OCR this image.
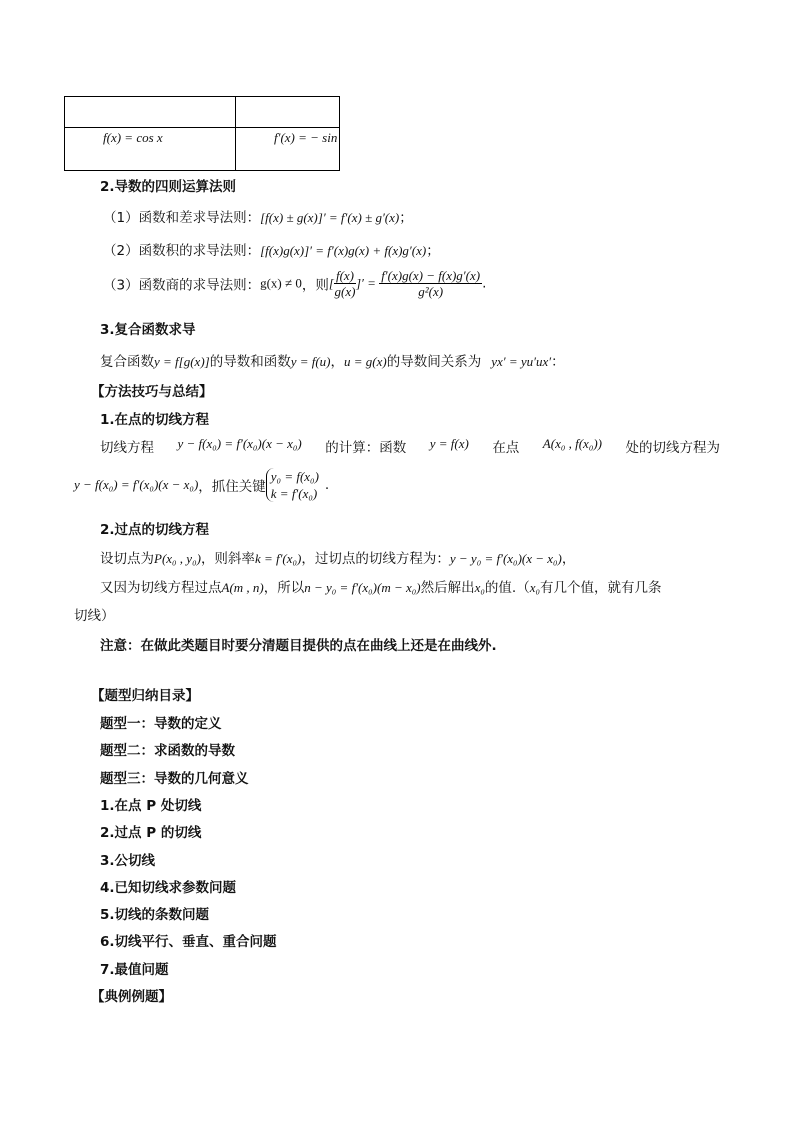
f(x) = cos x	f′(x) = − sin
2.导数的四则运算法则
（1）函数和差求导法则：[f(x) ± g(x)]′ = f′(x) ± g′(x)；
（2）函数积的求导法则：[f(x)g(x)]′ = f′(x)g(x) + f(x)g′(x)；
（3）函数商的求导法则：g(x) ≠ 0，则[ $\frac{f(x)}{g(x)}$ ]′ = $\frac{f'(x)g(x) - f(x)g'(x)}{\text{g²(x)}}$ .
3.复合函数求导
复合函数y = f[g(x)]的导数和函数y = f(u)，u = g(x)的导数间关系为 yx′ = yu′ux′：
【方法技巧与总结】
1.在点的切线方程
切线方程 y − f(x₀) = f′(x₀)(x − x₀) 的计算：函数 y = f(x) 在点 A(x₀ , f(x₀)) 处的切线方程为
y − f(x₀) = f′(x₀)(x − x₀)，抓住关键
y₀ = f(x₀)
k = f′(x₀)
.
2.过点的切线方程
设切点为P(x₀ , y₀)，则斜率k = f′(x₀)，过切点的切线方程为：y − y₀ = f′(x₀)(x − x₀)，
又因为切线方程过点A(m , n)，所以n − y₀ = f′(x₀)(m − x₀)然后解出x₀的值.（x₀有几个值，就有几条
切线）
注意：在做此类题目时要分清题目提供的点在曲线上还是在曲线外.
【题型归纳目录】
题型一：导数的定义
题型二：求函数的导数
题型三：导数的几何意义
1.在点 P 处切线
2.过点 P 的切线
3.公切线
4.已知切线求参数问题
5.切线的条数问题
6.切线平行、垂直、重合问题
7.最值问题
【典例例题】
